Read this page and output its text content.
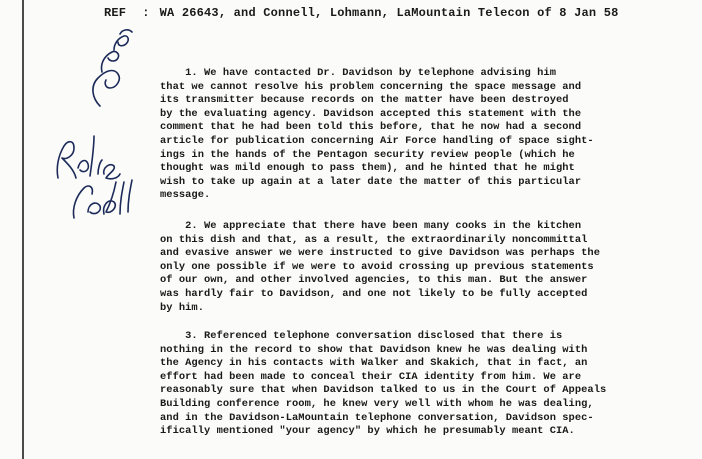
REF : WA 26643, and Connell, Lohmann, LaMountain Telecon of 8 Jan 58
1. We have contacted Dr. Davidson by telephone advising him
that we cannot resolve his problem concerning the space message and
its transmitter because records on the matter have been destroyed
by the evaluating agency. Davidson accepted this statement with the
comment that he had been told this before, that he now had a second
article for publication concerning Air Force handling of space sight-
ings in the hands of the Pentagon security review people (which he
thought was mild enough to pass them), and he hinted that he might
wish to take up again at a later date the matter of this particular
message.
2. We appreciate that there have been many cooks in the kitchen
on this dish and that, as a result, the extraordinarily noncommittal
and evasive answer we were instructed to give Davidson was perhaps the
only one possible if we were to avoid crossing up previous statements
of our own, and other involved agencies, to this man. But the answer
was hardly fair to Davidson, and one not likely to be fully accepted
by him.
3. Referenced telephone conversation disclosed that there is
nothing in the record to show that Davidson knew he was dealing with
the Agency in his contacts with Walker and Skakich, that in fact, an
effort had been made to conceal their CIA identity from him. We are
reasonably sure that when Davidson talked to us in the Court of Appeals
Building conference room, he knew very well with whom he was dealing,
and in the Davidson-LaMountain telephone conversation, Davidson spec-
ifically mentioned "your agency" by which he presumably meant CIA.
